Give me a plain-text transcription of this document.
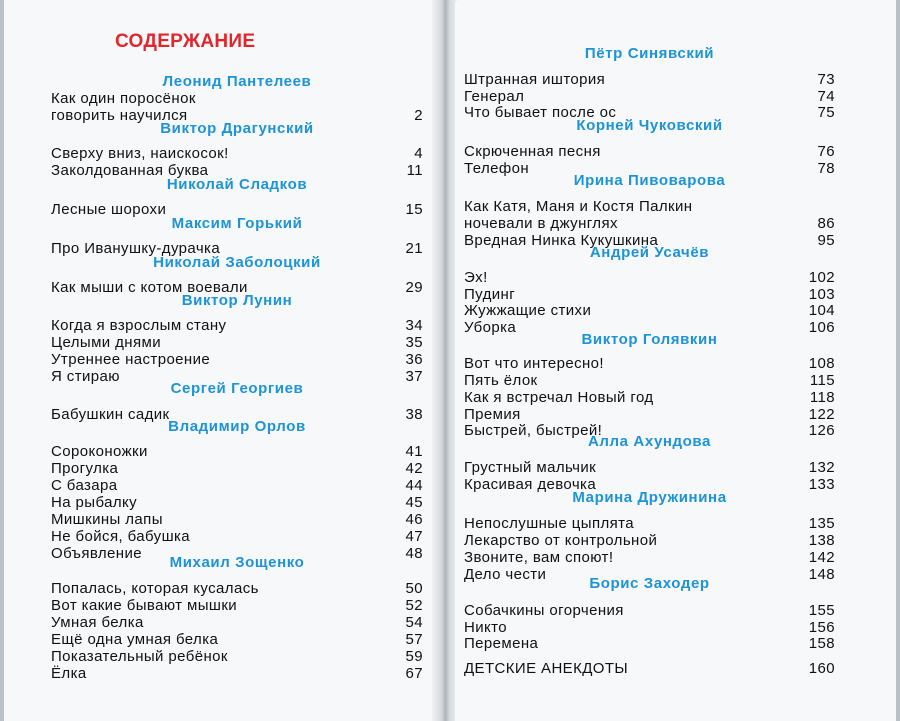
СОДЕРЖАНИЕ
Леонид Пантелеев
Как один поросёнок
говорить научился	2
Виктор Драгунский
Сверху вниз, наискосок!	4
Заколдованная буква	11
Николай Сладков
Лесные шорохи	15
Максим Горький
Про Иванушку-дурачка	21
Николай Заболоцкий
Как мыши с котом воевали	29
Виктор Лунин
Когда я взрослым стану	34
Целыми днями	35
Утреннее настроение	36
Я стираю	37
Сергей Георгиев
Бабушкин садик	38
Владимир Орлов
Сороконожки	41
Прогулка	42
С базара	44
На рыбалку	45
Мишкины лапы	46
Не бойся, бабушка	47
Объявление	48
Михаил Зощенко
Попалась, которая кусалась	50
Вот какие бывают мышки	52
Умная белка	54
Ещё одна умная белка	57
Показательный ребёнок	59
Ёлка	67
Пётр Синявский
Штранная иштория	73
Генерал	74
Что бывает после ос	75
Корней Чуковский
Скрюченная песня	76
Телефон	78
Ирина Пивоварова
Как Катя, Маня и Костя Палкин
ночевали в джунглях	86
Вредная Нинка Кукушкина	95
Андрей Усачёв
Эх!	102
Пудинг	103
Жужжащие стихи	104
Уборка	106
Виктор Голявкин
Вот что интересно!	108
Пять ёлок	115
Как я встречал Новый год	118
Премия	122
Быстрей, быстрей!	126
Алла Ахундова
Грустный мальчик	132
Красивая девочка	133
Марина Дружинина
Непослушные цыплята	135
Лекарство от контрольной	138
Звоните, вам споют!	142
Дело чести	148
Борис Заходер
Собачкины огорчения	155
Никто	156
Перемена	158
ДЕТСКИЕ АНЕКДОТЫ	160
